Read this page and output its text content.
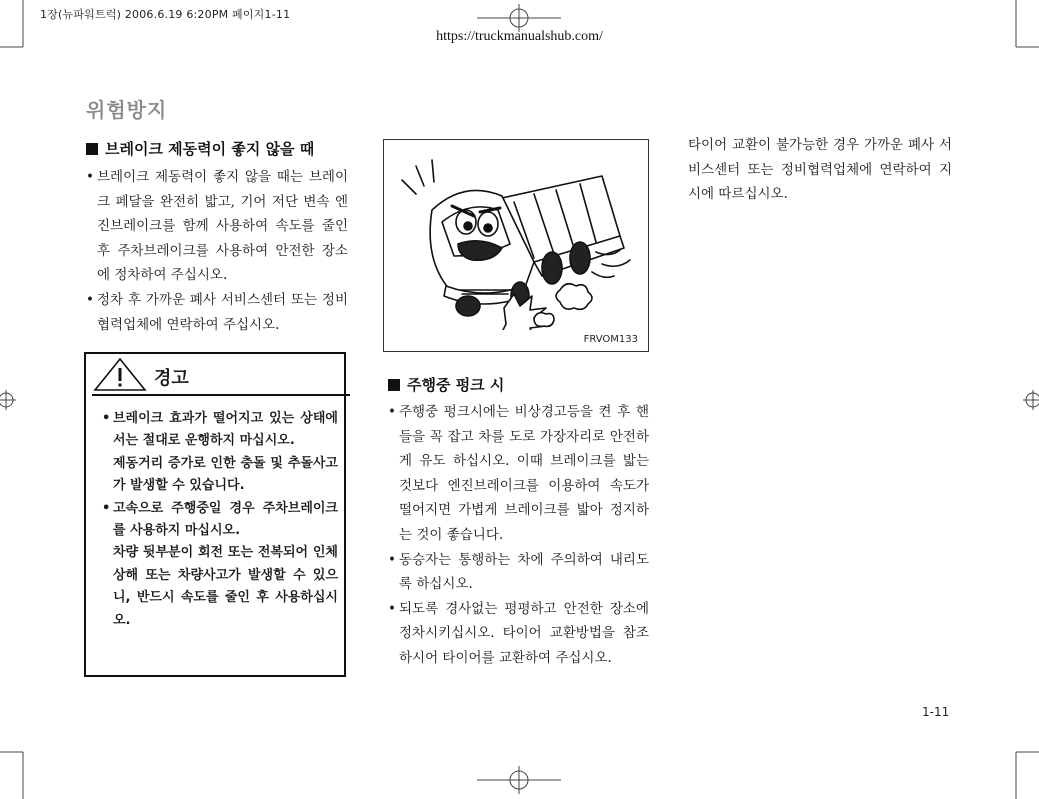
1장(뉴파워트럭) 2006.6.19 6:20PM 페이지1-11
https://truckmanualshub.com/
위험방지
브레이크 제동력이 좋지 않을 때
• 브레이크 제동력이 좋지 않을 때는 브레이크 페달을 완전히 밟고, 기어 저단 변속 엔진브레이크를 함께 사용하여 속도를 줄인후 주차브레이크를 사용하여 안전한 장소에 정차하여 주십시오.
• 정차 후 가까운 폐사 서비스센터 또는 정비협력업체에 연락하여 주십시오.
경고
• 브레이크 효과가 떨어지고 있는 상태에서는 절대로 운행하지 마십시오.
제동거리 증가로 인한 충돌 및 추돌사고가 발생할 수 있습니다.
• 고속으로 주행중일 경우 주차브레이크를 사용하지 마십시오.
차량 뒷부분이 회전 또는 전복되어 인체상해 또는 차량사고가 발생할 수 있으니, 반드시 속도를 줄인 후 사용하십시오.
FRVOM133
주행중 펑크 시
• 주행중 펑크시에는 비상경고등을 켠 후 핸들을 꼭 잡고 차를 도로 가장자리로 안전하게 유도 하십시오. 이때 브레이크를 밟는 것보다 엔진브레이크를 이용하여 속도가 떨어지면 가볍게 브레이크를 밟아 정지하는 것이 좋습니다.
• 동승자는 통행하는 차에 주의하여 내리도록 하십시오.
• 되도록 경사없는 평평하고 안전한 장소에 정차시키십시오. 타이어 교환방법을 참조하시어 타이어를 교환하여 주십시오.
타이어 교환이 불가능한 경우 가까운 폐사 서비스센터 또는 정비협력업체에 연락하여 지시에 따르십시오.
1-11
